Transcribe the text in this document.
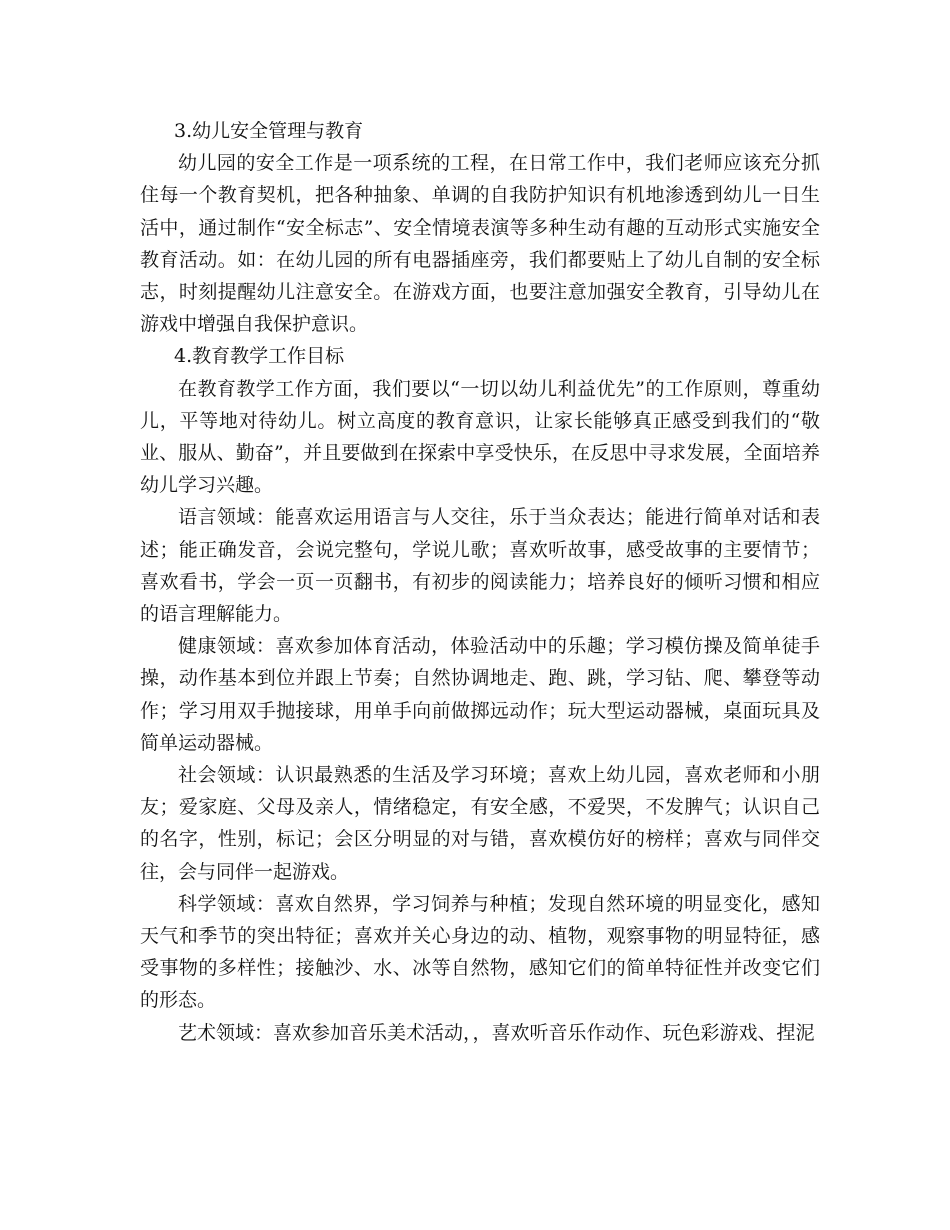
3.幼儿安全管理与教育

幼儿园的安全工作是一项系统的工程，在日常工作中，我们老师应该充分抓住每一个教育契机，把各种抽象、单调的自我防护知识有机地渗透到幼儿一日生活中，通过制作“安全标志”、安全情境表演等多种生动有趣的互动形式实施安全教育活动。如：在幼儿园的所有电器插座旁，我们都要贴上了幼儿自制的安全标志，时刻提醒幼儿注意安全。在游戏方面，也要注意加强安全教育，引导幼儿在游戏中增强自我保护意识。

4.教育教学工作目标

在教育教学工作方面，我们要以“一切以幼儿利益优先”的工作原则，尊重幼儿，平等地对待幼儿。树立高度的教育意识，让家长能够真正感受到我们的“敬业、服从、勤奋”，并且要做到在探索中享受快乐，在反思中寻求发展，全面培养幼儿学习兴趣。

语言领域：能喜欢运用语言与人交往，乐于当众表达；能进行简单对话和表述；能正确发音，会说完整句，学说儿歌；喜欢听故事，感受故事的主要情节；喜欢看书，学会一页一页翻书，有初步的阅读能力；培养良好的倾听习惯和相应的语言理解能力。

健康领域：喜欢参加体育活动，体验活动中的乐趣；学习模仿操及简单徒手操，动作基本到位并跟上节奏；自然协调地走、跑、跳，学习钻、爬、攀登等动作；学习用双手抛接球，用单手向前做掷远动作；玩大型运动器械，桌面玩具及简单运动器械。

社会领域：认识最熟悉的生活及学习环境；喜欢上幼儿园，喜欢老师和小朋友；爱家庭、父母及亲人，情绪稳定，有安全感，不爱哭，不发脾气；认识自己的名字，性别，标记；会区分明显的对与错，喜欢模仿好的榜样；喜欢与同伴交往，会与同伴一起游戏。

科学领域：喜欢自然界，学习饲养与种植；发现自然环境的明显变化，感知天气和季节的突出特征；喜欢并关心身边的动、植物，观察事物的明显特征，感受事物的多样性；接触沙、水、冰等自然物，感知它们的简单特征性并改变它们的形态。

艺术领域：喜欢参加音乐美术活动，，喜欢听音乐作动作、玩色彩游戏、捏泥
